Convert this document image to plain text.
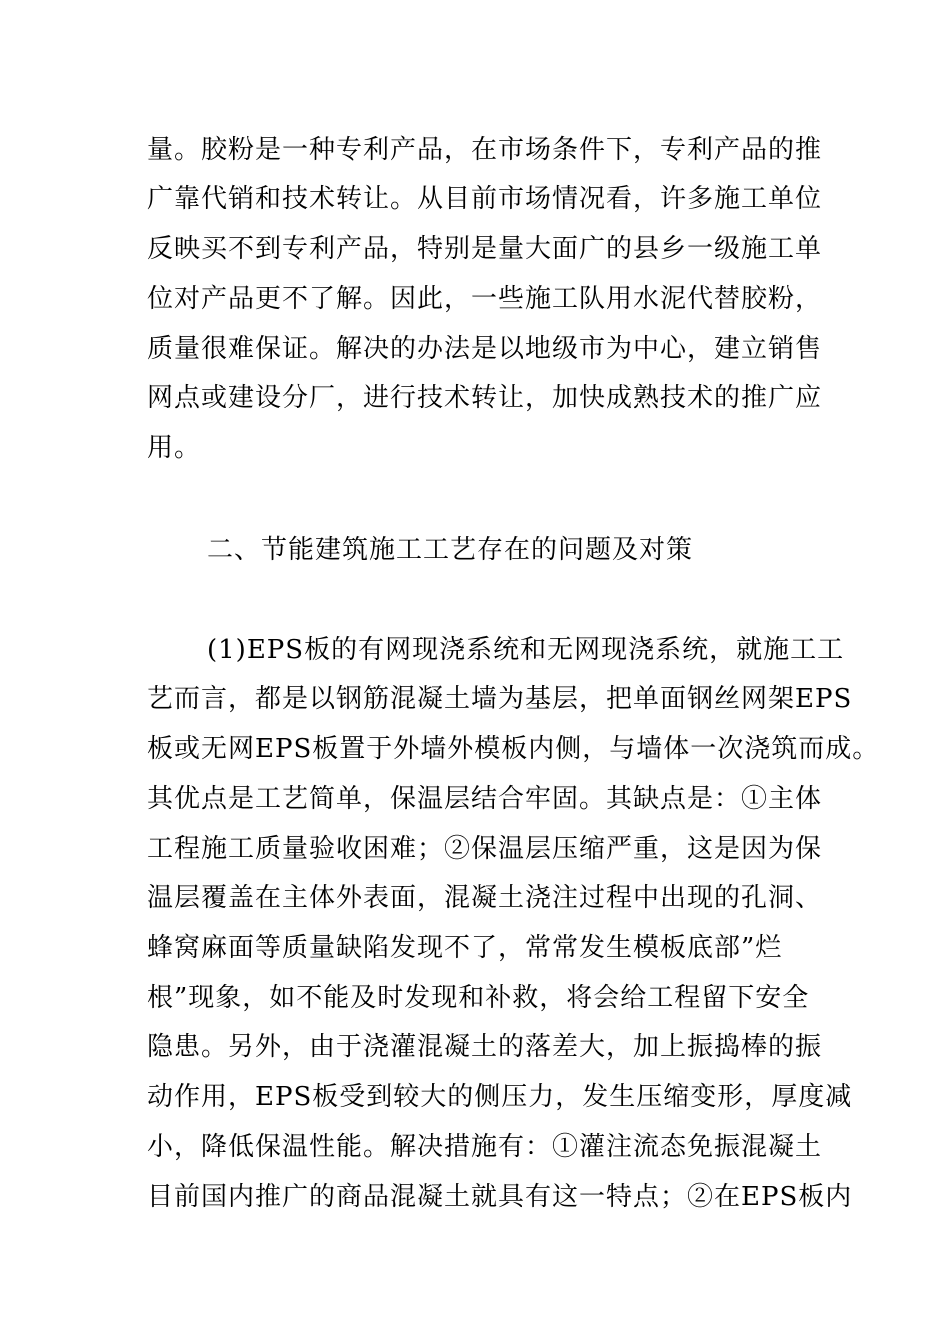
量。胶粉是一种专利产品，在市场条件下，专利产品的推
广靠代销和技术转让。从目前市场情况看，许多施工单位
反映买不到专利产品，特别是量大面广的县乡一级施工单
位对产品更不了解。因此，一些施工队用水泥代替胶粉，
质量很难保证。解决的办法是以地级市为中心，建立销售
网点或建设分厂，进行技术转让，加快成熟技术的推广应
用。
二、节能建筑施工工艺存在的问题及对策
(1)EPS板的有网现浇系统和无网现浇系统，就施工工
艺而言，都是以钢筋混凝土墙为基层，把单面钢丝网架EPS
板或无网EPS板置于外墙外模板内侧，与墙体一次浇筑而成。
其优点是工艺简单，保温层结合牢固。其缺点是：①主体
工程施工质量验收困难；②保温层压缩严重，这是因为保
温层覆盖在主体外表面，混凝土浇注过程中出现的孔洞、
蜂窝麻面等质量缺陷发现不了，常常发生模板底部”烂
根”现象，如不能及时发现和补救，将会给工程留下安全
隐患。另外，由于浇灌混凝土的落差大，加上振捣棒的振
动作用，EPS板受到较大的侧压力，发生压缩变形，厚度减
小，降低保温性能。解决措施有：①灌注流态免振混凝土
目前国内推广的商品混凝土就具有这一特点；②在EPS板内
